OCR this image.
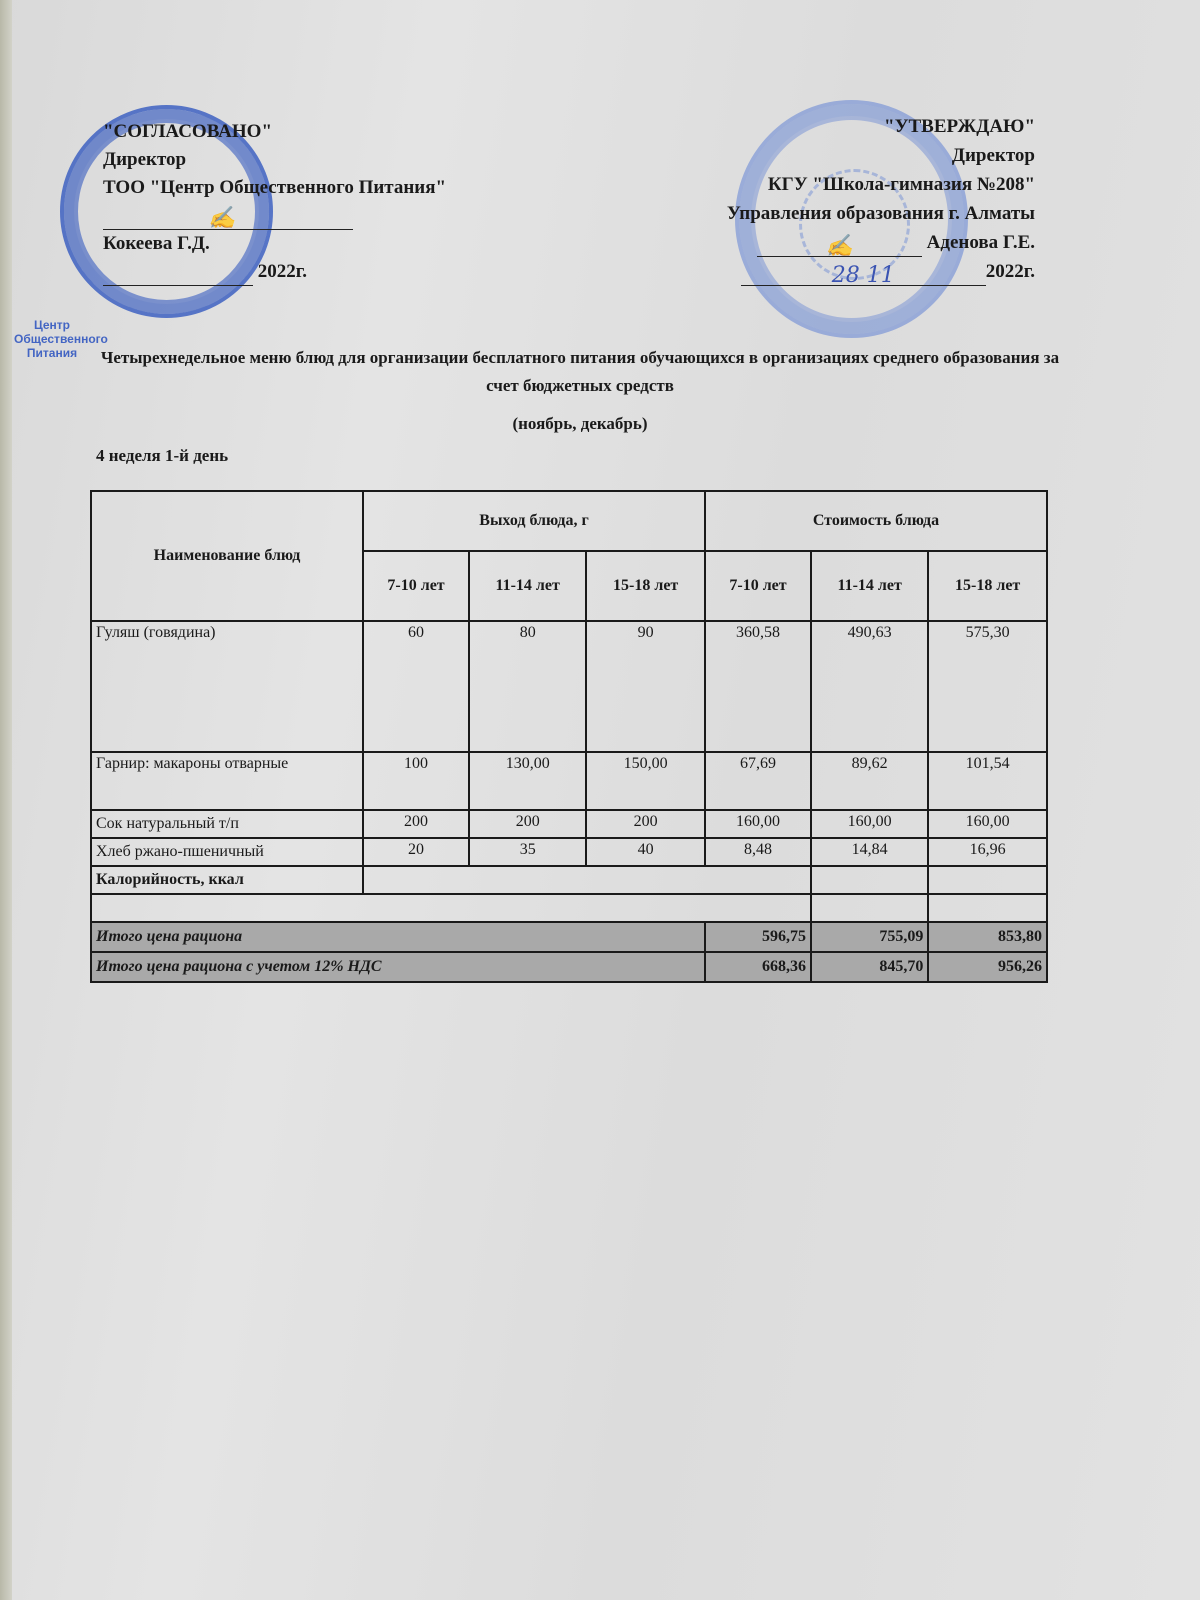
Центр Общественного Питания
"СОГЛАСОВАНО"
Директор
ТОО "Центр Общественного Питания"
✍
Кокеева Г.Д.
2022г.
"УТВЕРЖДАЮ"
Директор
КГУ "Школа-гимназия №208"
Управления образования г. Алматы
✍	Аденова Г.Е.
28 11	2022г.
Четырехнедельное меню блюд для организации бесплатного питания обучающихся в организациях среднего образования за счет бюджетных средств
(ноябрь, декабрь)
4 неделя 1-й день
Наименование блюд	Выход блюда, г			Стоимость блюда		
	7-10 лет	11-14 лет	15-18 лет	7-10 лет	11-14 лет	15-18 лет
Гуляш (говядина)	60	80	90	360,58	490,63	575,30
Гарнир: макароны отварные	100	130,00	150,00	67,69	89,62	101,54
Сок натуральный т/п	200	200	200	160,00	160,00	160,00
Хлеб ржано-пшеничный	20	35	40	8,48	14,84	16,96
Калорийность, ккал						

Итого цена рациона				596,75	755,09	853,80
Итого цена рациона с учетом 12% НДС				668,36	845,70	956,26
